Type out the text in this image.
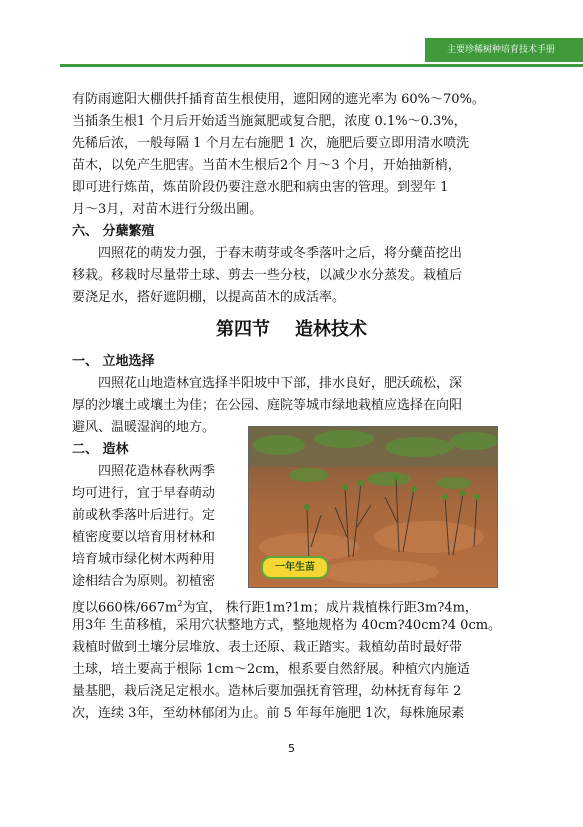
主要珍稀树种培育技术手册
有防雨遮阳大棚供扦插育苗生根使用，遮阳网的遮光率为 60%～70%。
当插条生根1 个月后开始适当施氮肥或复合肥，浓度 0.1%～0.3%，
先稀后浓，一般每隔 1 个月左右施肥 1 次，施肥后要立即用清水喷洗
苗木，以免产生肥害。当苗木生根后2个 月～3 个月，开始抽新梢，
即可进行炼苗，炼苗阶段仍要注意水肥和病虫害的管理。到翌年 1
月～3月，对苗木进行分级出圃。
六、 分蘖繁殖
四照花的萌发力强，于春末萌芽或冬季落叶之后，将分蘖苗挖出
移栽。移栽时尽量带土球、剪去一些分枝，以减少水分蒸发。栽植后
要浇足水，搭好遮阴棚，以提高苗木的成活率。
第四节    造林技术
一、 立地选择
四照花山地造林宜选择半阳坡中下部，排水良好，肥沃疏松，深
厚的沙壤土或壤土为佳；在公园、庭院等城市绿地栽植应选择在向阳
避风、温暖湿润的地方。
二、 造林
四照花造林春秋两季
均可进行，宜于早春萌动
前或秋季落叶后进行。定
植密度要以培育用材林和
培育城市绿化树木两种用
途相结合为原则。初植密
度以660株$/667m^2$为宜， 株行距1m?1m；成片栽植株行距3m?4m，
用3年 生苗移植，采用穴状整地方式，整地规格为 40cm?40cm?4 0cm。
栽植时做到土壤分层堆放、表土还原、栽正踏实。栽植幼苗时最好带
土球，培土要高于根际 1cm～2cm，根系要自然舒展。种植穴内施适
量基肥，栽后浇足定根水。造林后要加强抚育管理，幼林抚育每年 2
次，连续 3年，至幼林郁闭为止。前 5 年每年施肥 1次，每株施尿素
一年生苗
5
